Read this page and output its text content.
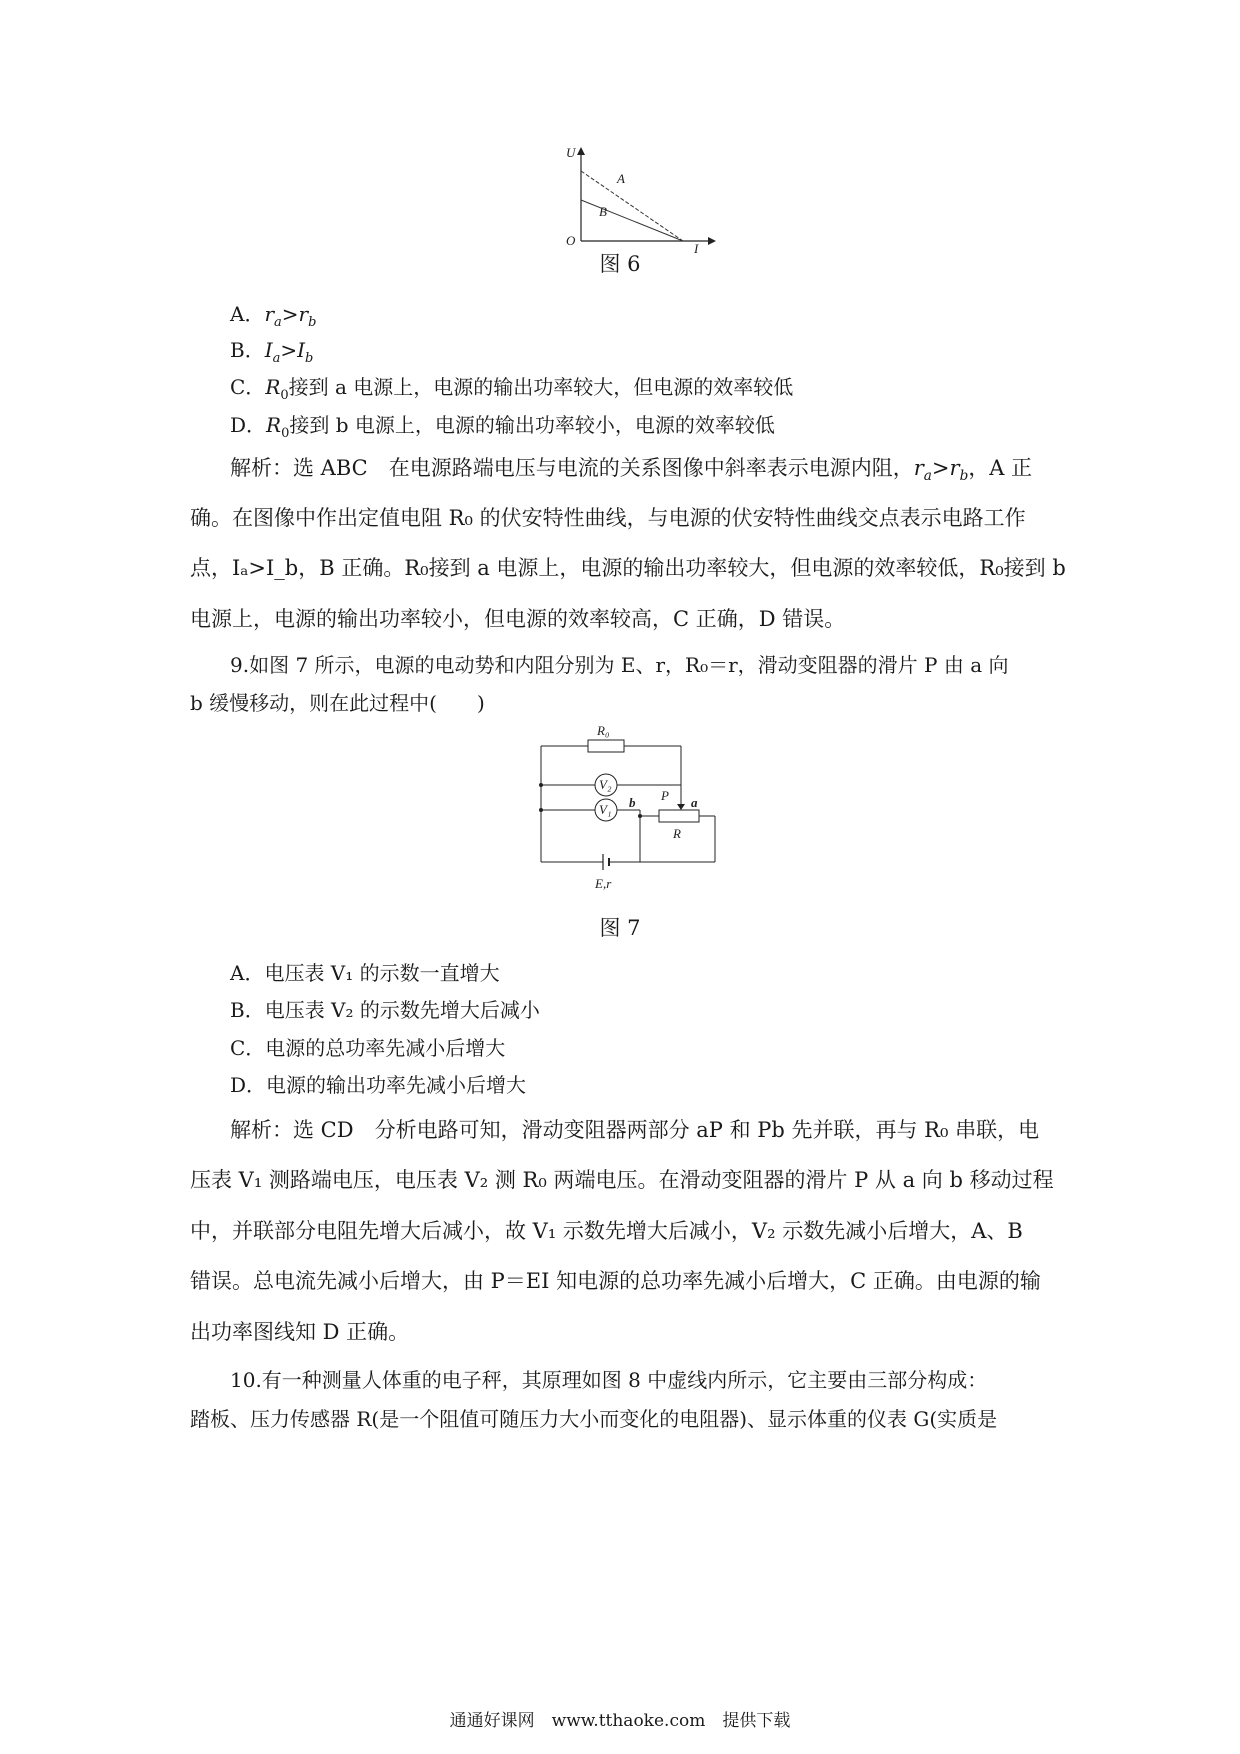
U
O
I
A
B
图 6
A．$r_a>r_b$
B．$I_a>I_b$
C．$R_0$接到 a 电源上，电源的输出功率较大，但电源的效率较低
D．$R_0$接到 b 电源上，电源的输出功率较小，电源的效率较低
解析：选 ABC　在电源路端电压与电流的关系图像中斜率表示电源内阻，$r_a>r_b$，A 正
确。在图像中作出定值电阻 R₀ 的伏安特性曲线，与电源的伏安特性曲线交点表示电路工作
点，Iₐ>I_b，B 正确。R₀接到 a 电源上，电源的输出功率较大，但电源的效率较低，R₀接到 b
电源上，电源的输出功率较小，但电源的效率较高，C 正确，D 错误。
9.如图 7 所示，电源的电动势和内阻分别为 E、r，R₀＝r，滑动变阻器的滑片 P 由 a 向
b 缓慢移动，则在此过程中(　　)
R₀
V₂
V₁ b P a
R
E,r
图 7
A．电压表 V₁ 的示数一直增大
B．电压表 V₂ 的示数先增大后减小
C．电源的总功率先减小后增大
D．电源的输出功率先减小后增大
解析：选 CD　分析电路可知，滑动变阻器两部分 aP 和 Pb 先并联，再与 R₀ 串联，电
压表 V₁ 测路端电压，电压表 V₂ 测 R₀ 两端电压。在滑动变阻器的滑片 P 从 a 向 b 移动过程
中，并联部分电阻先增大后减小，故 V₁ 示数先增大后减小，V₂ 示数先减小后增大，A、B
错误。总电流先减小后增大，由 P＝EI 知电源的总功率先减小后增大，C 正确。由电源的输
出功率图线知 D 正确。
10.有一种测量人体重的电子秤，其原理如图 8 中虚线内所示，它主要由三部分构成：
踏板、压力传感器 R(是一个阻值可随压力大小而变化的电阻器)、显示体重的仪表 G(实质是
通通好课网　www.tthaoke.com　提供下载
